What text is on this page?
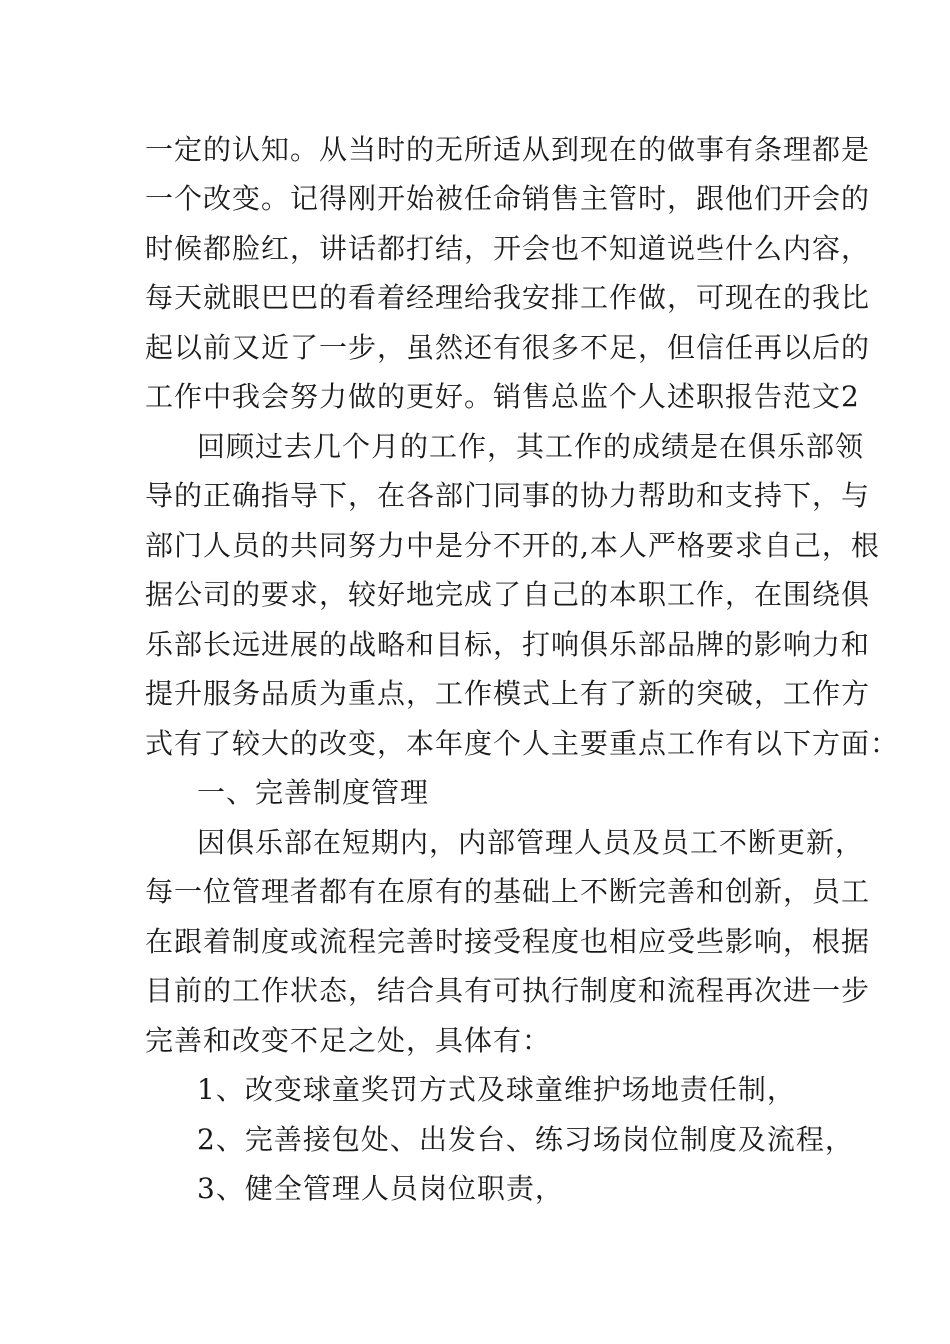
一定的认知。从当时的无所适从到现在的做事有条理都是
一个改变。记得刚开始被任命销售主管时，跟他们开会的
时候都脸红，讲话都打结，开会也不知道说些什么内容，
每天就眼巴巴的看着经理给我安排工作做，可现在的我比
起以前又近了一步，虽然还有很多不足，但信任再以后的
工作中我会努力做的更好。销售总监个人述职报告范文2
回顾过去几个月的工作，其工作的成绩是在俱乐部领
导的正确指导下，在各部门同事的协力帮助和支持下，与
部门人员的共同努力中是分不开的,本人严格要求自己，根
据公司的要求，较好地完成了自己的本职工作，在围绕俱
乐部长远进展的战略和目标，打响俱乐部品牌的影响力和
提升服务品质为重点，工作模式上有了新的突破，工作方
式有了较大的改变，本年度个人主要重点工作有以下方面：
一、完善制度管理
因俱乐部在短期内，内部管理人员及员工不断更新，
每一位管理者都有在原有的基础上不断完善和创新，员工
在跟着制度或流程完善时接受程度也相应受些影响，根据
目前的工作状态，结合具有可执行制度和流程再次进一步
完善和改变不足之处，具体有：
1、改变球童奖罚方式及球童维护场地责任制，
2、完善接包处、出发台、练习场岗位制度及流程，
3、健全管理人员岗位职责，
